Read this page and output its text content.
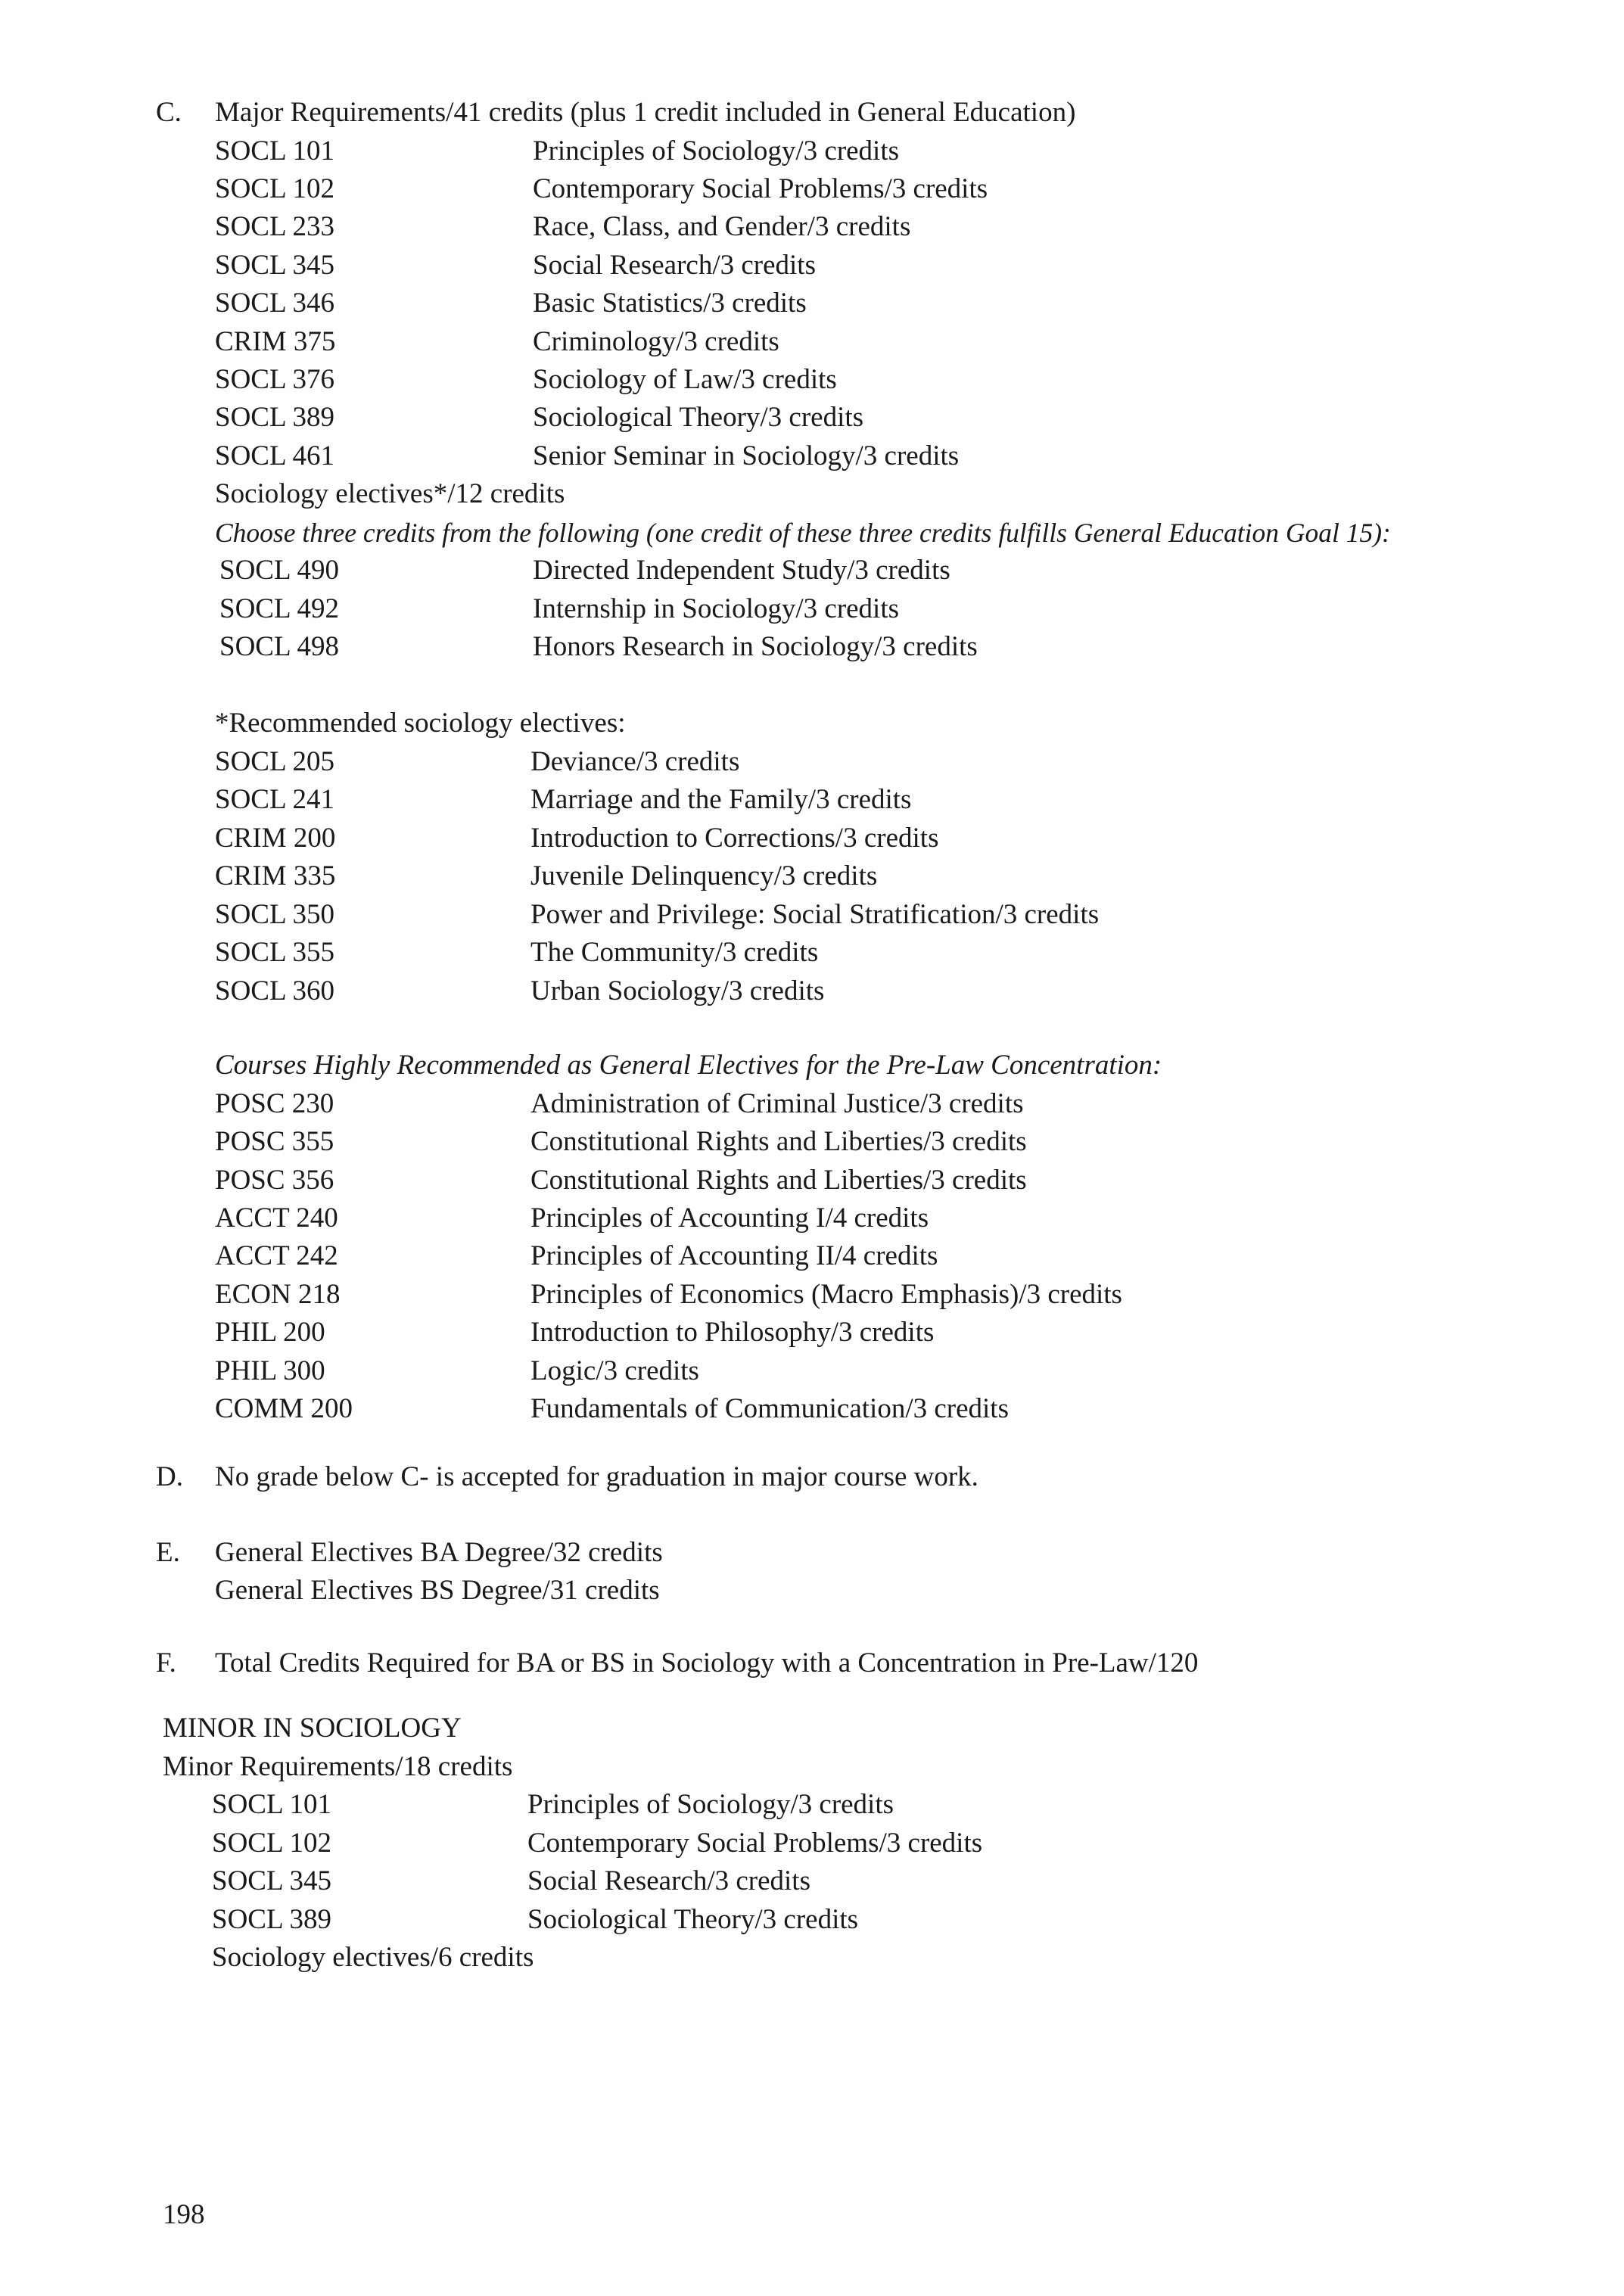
C. Major Requirements/41 credits (plus 1 credit included in General Education)
SOCL 101	Principles of Sociology/3 credits
SOCL 102	Contemporary Social Problems/3 credits
SOCL 233	Race, Class, and Gender/3 credits
SOCL 345	Social Research/3 credits
SOCL 346	Basic Statistics/3 credits
CRIM 375	Criminology/3 credits
SOCL 376	Sociology of Law/3 credits
SOCL 389	Sociological Theory/3 credits
SOCL 461	Senior Seminar in Sociology/3 credits
Sociology electives*/12 credits
Choose three credits from the following (one credit of these three credits fulfills General Education Goal 15):
SOCL 490	Directed Independent Study/3 credits
SOCL 492	Internship in Sociology/3 credits
SOCL 498	Honors Research in Sociology/3 credits
*Recommended sociology electives:
SOCL 205	Deviance/3 credits
SOCL 241	Marriage and the Family/3 credits
CRIM 200	Introduction to Corrections/3 credits
CRIM 335	Juvenile Delinquency/3 credits
SOCL 350	Power and Privilege: Social Stratification/3 credits
SOCL 355	The Community/3 credits
SOCL 360	Urban Sociology/3 credits
Courses Highly Recommended as General Electives for the Pre-Law Concentration:
POSC 230	Administration of Criminal Justice/3 credits
POSC 355	Constitutional Rights and Liberties/3 credits
POSC 356	Constitutional Rights and Liberties/3 credits
ACCT 240	Principles of Accounting I/4 credits
ACCT 242	Principles of Accounting II/4 credits
ECON 218	Principles of Economics (Macro Emphasis)/3 credits
PHIL 200	Introduction to Philosophy/3 credits
PHIL 300	Logic/3 credits
COMM 200	Fundamentals of Communication/3 credits
D. No grade below C- is accepted for graduation in major course work.
E. General Electives BA Degree/32 credits
General Electives BS Degree/31 credits
F. Total Credits Required for BA or BS in Sociology with a Concentration in Pre-Law/120
MINOR IN SOCIOLOGY
Minor Requirements/18 credits
SOCL 101	Principles of Sociology/3 credits
SOCL 102	Contemporary Social Problems/3 credits
SOCL 345	Social Research/3 credits
SOCL 389	Sociological Theory/3 credits
Sociology electives/6 credits
198
